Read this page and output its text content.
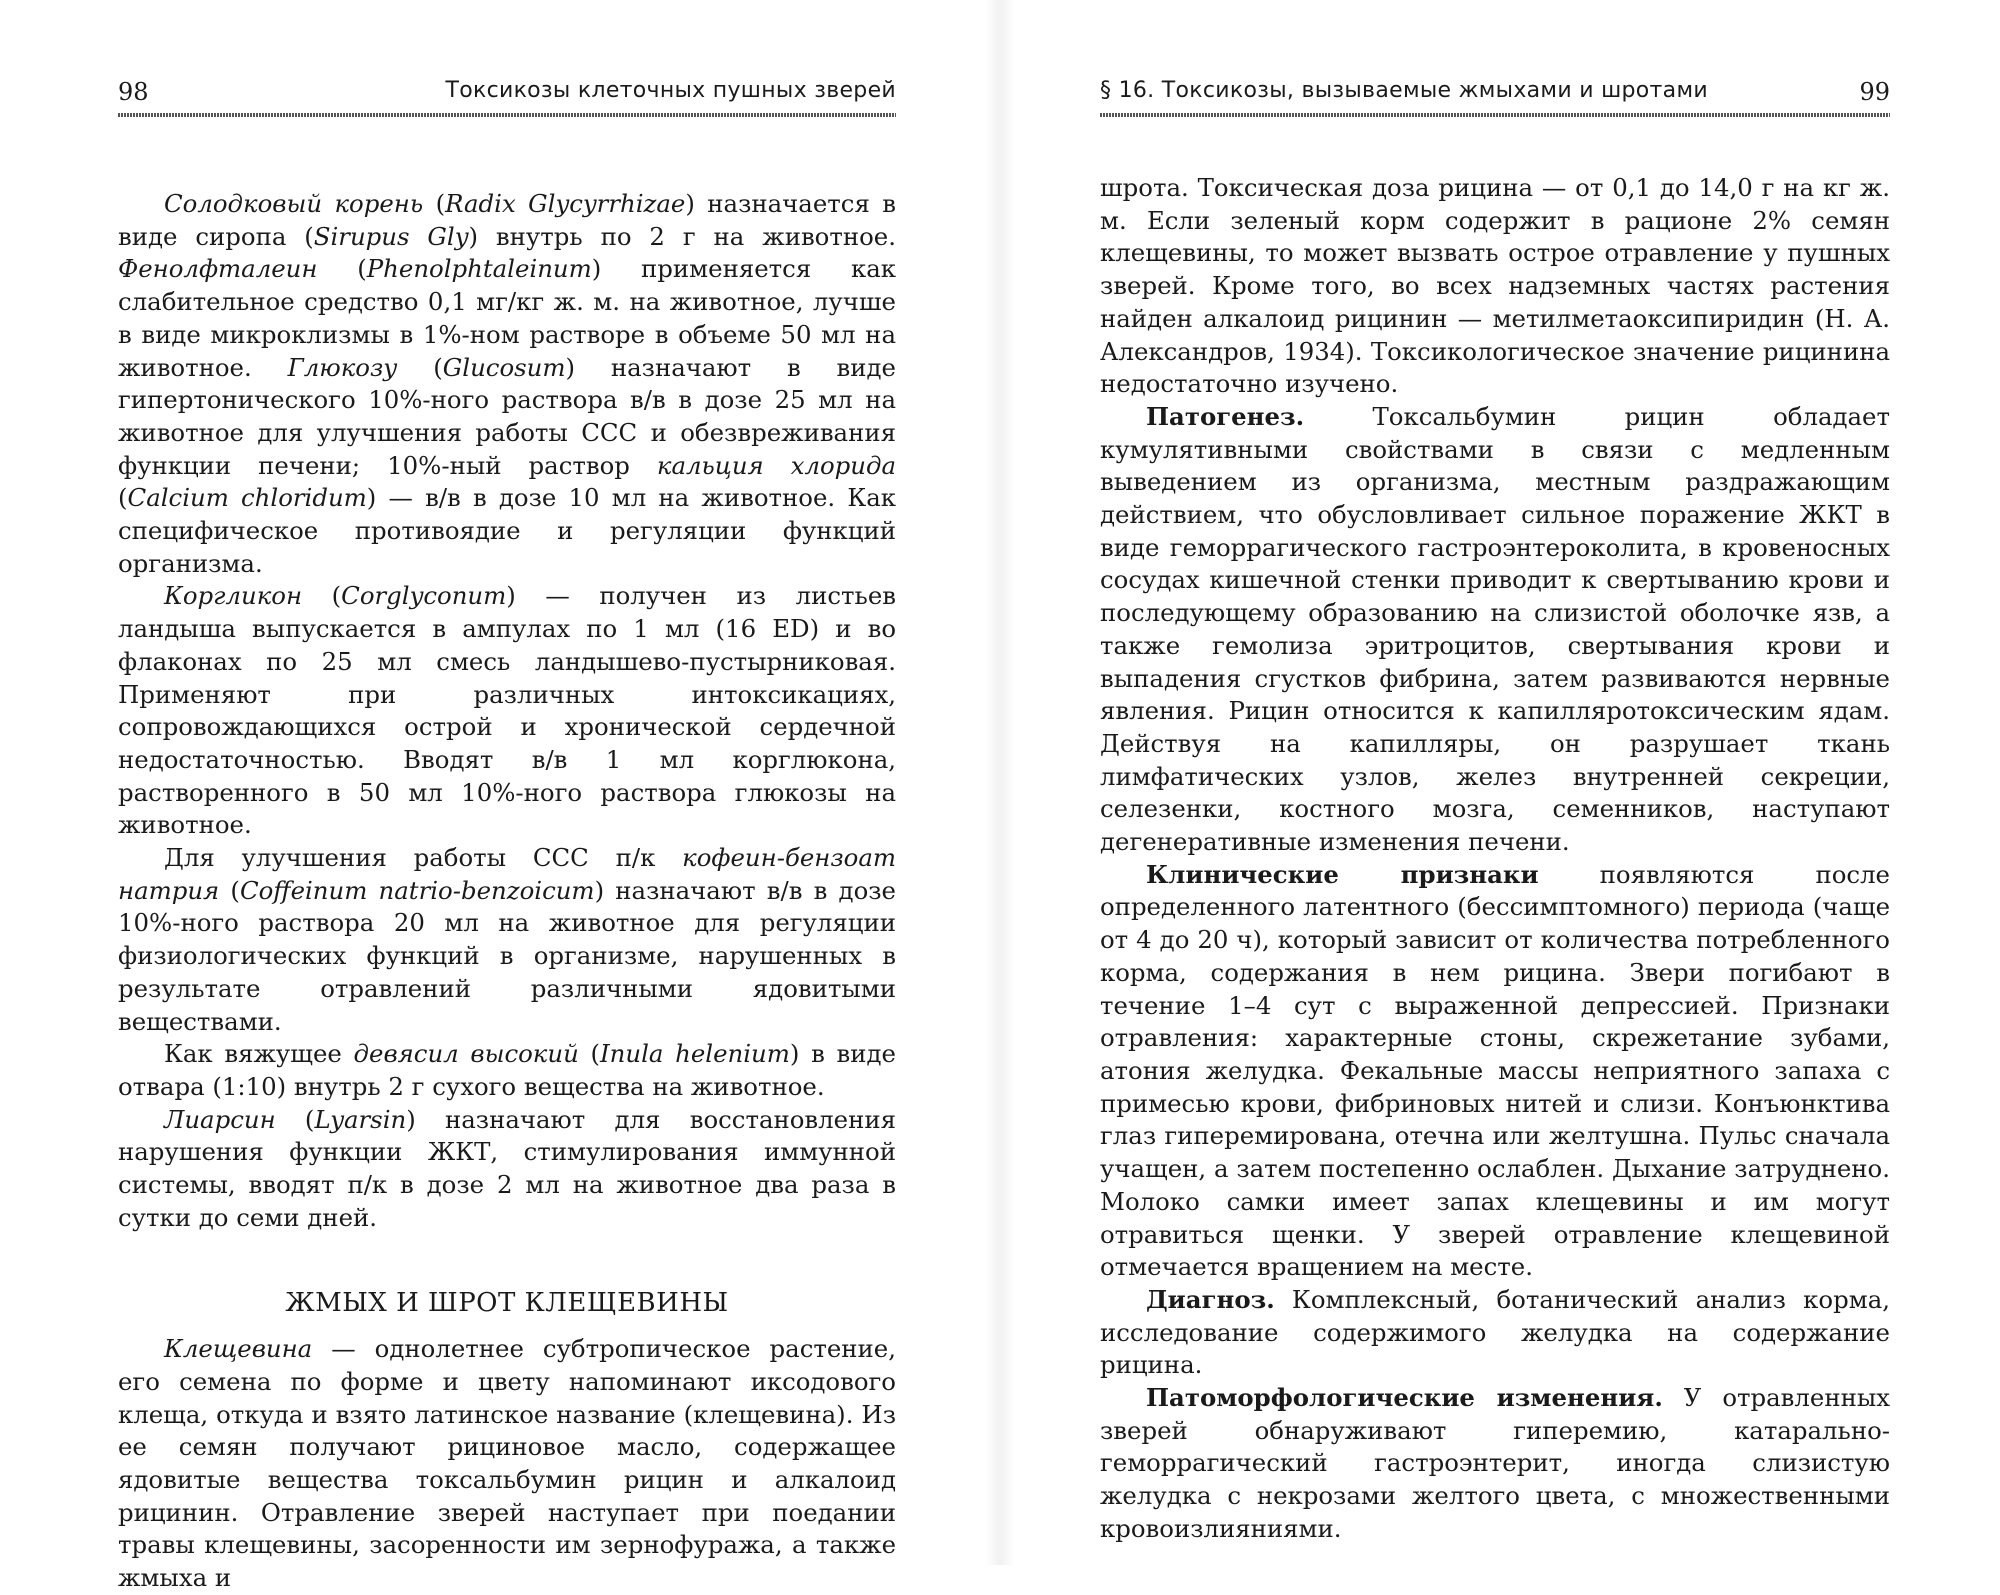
98	Токсикозы клеточных пушных зверей

Солодковый корень (Radix Glycyrrhizae) назначается в виде сиропа (Sirupus Gly) внутрь по 2 г на животное. Фенолфталеин (Phenolphtaleinum) применяется как слабительное средство 0,1 мг/кг ж. м. на животное, лучше в виде микроклизмы в 1%-ном растворе в объеме 50 мл на животное. Глюкозу (Glucosum) назначают в виде гипертонического 10%-ного раствора в/в в дозе 25 мл на животное для улучшения работы ССС и обезвреживания функции печени; 10%-ный раствор кальция хлорида (Calcium chloridum) — в/в в дозе 10 мл на животное. Как специфическое противоядие и регуляции функций организма.

Коргликон (Corglyconum) — получен из листьев ландыша выпускается в ампулах по 1 мл (16 ED) и во флаконах по 25 мл смесь ландышево-пустырниковая. Применяют при различных интоксикациях, сопровождающихся острой и хронической сердечной недостаточностью. Вводят в/в 1 мл корглюкона, растворенного в 50 мл 10%-ного раствора глюкозы на животное.

Для улучшения работы ССС п/к кофеин-бензоат натрия (Coffeinum natrio-benzoicum) назначают в/в в дозе 10%-ного раствора 20 мл на животное для регуляции физиологических функций в организме, нарушенных в результате отравлений различными ядовитыми веществами.

Как вяжущее девясил высокий (Inula helenium) в виде отвара (1:10) внутрь 2 г сухого вещества на животное.

Лиарсин (Lyarsin) назначают для восстановления нарушения функции ЖКТ, стимулирования иммунной системы, вводят п/к в дозе 2 мл на животное два раза в сутки до семи дней.

ЖМЫХ И ШРОТ КЛЕЩЕВИНЫ

Клещевина — однолетнее субтропическое растение, его семена по форме и цвету напоминают иксодового клеща, откуда и взято латинское название (клещевина). Из ее семян получают рициновое масло, содержащее ядовитые вещества токсальбумин рицин и алкалоид рицинин. Отравление зверей наступает при поедании травы клещевины, засоренности им зернофуража, а также жмыха и

§ 16. Токсикозы, вызываемые жмыхами и шротами	99

шрота. Токсическая доза рицина — от 0,1 до 14,0 г на кг ж. м. Если зеленый корм содержит в рационе 2% семян клещевины, то может вызвать острое отравление у пушных зверей. Кроме того, во всех надземных частях растения найден алкалоид рицинин — метилметаоксипиридин (Н. А. Александров, 1934). Токсикологическое значение рицинина недостаточно изучено.

Патогенез. Токсальбумин рицин обладает кумулятивными свойствами в связи с медленным выведением из организма, местным раздражающим действием, что обусловливает сильное поражение ЖКТ в виде геморрагического гастроэнтероколита, в кровеносных сосудах кишечной стенки приводит к свертыванию крови и последующему образованию на слизистой оболочке язв, а также гемолиза эритроцитов, свертывания крови и выпадения сгустков фибрина, затем развиваются нервные явления. Рицин относится к капилляротоксическим ядам. Действуя на капилляры, он разрушает ткань лимфатических узлов, желез внутренней секреции, селезенки, костного мозга, семенников, наступают дегенеративные изменения печени.

Клинические признаки появляются после определенного латентного (бессимптомного) периода (чаще от 4 до 20 ч), который зависит от количества потребленного корма, содержания в нем рицина. Звери погибают в течение 1–4 сут с выраженной депрессией. Признаки отравления: характерные стоны, скрежетание зубами, атония желудка. Фекальные массы неприятного запаха с примесью крови, фибриновых нитей и слизи. Конъюнктива глаз гиперемирована, отечна или желтушна. Пульс сначала учащен, а затем постепенно ослаблен. Дыхание затруднено. Молоко самки имеет запах клещевины и им могут отравиться щенки. У зверей отравление клещевиной отмечается вращением на месте.

Диагноз. Комплексный, ботанический анализ корма, исследование содержимого желудка на содержание рицина.

Патоморфологические изменения. У отравленных зверей обнаруживают гиперемию, катарально-геморрагический гастроэнтерит, иногда слизистую желудка с некрозами желтого цвета, с множественными кровоизлияниями.
